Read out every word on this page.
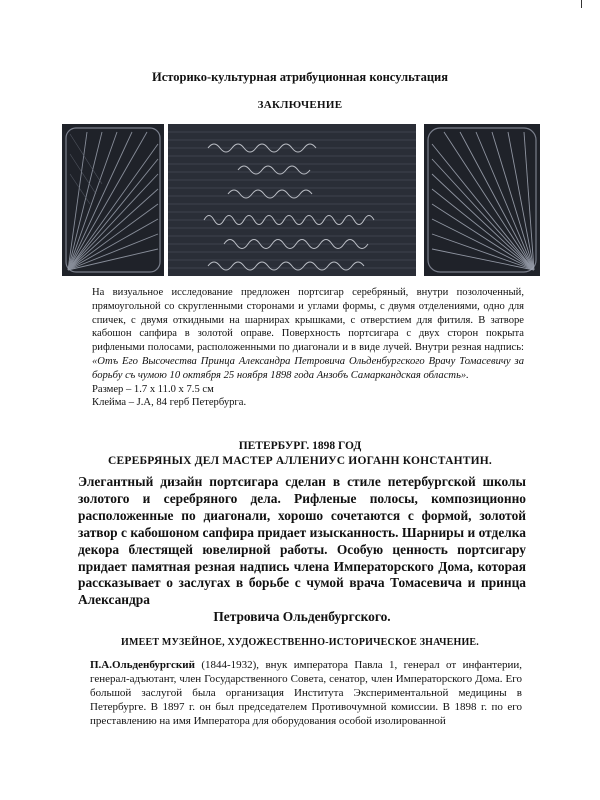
Историко-культурная атрибуционная консультация
ЗАКЛЮЧЕНИЕ

На визуальное исследование предложен портсигар серебряный, внутри позолоченный, прямоугольной со скругленными сторонами и углами формы, с двумя отделениями, одно для спичек, с двумя откидными на шарнирах крышками, с отверстием для фитиля. В затворе кабошон сапфира в золотой оправе. Поверхность портсигара с двух сторон покрыта рифлеными полосами, расположенными по диагонали и в виде лучей. Внутри резная надпись: «Отъ Его Высочества Принца Александра Петровича Ольденбургского Врачу Томасевичу за борьбу съ чумою 10 октября 25 ноября 1898 года Анзобъ Самаркандская область».

Размер – 1.7 х 11.0 х 7.5 см

Клейма – J.A, 84 герб Петербурга.

ПЕТЕРБУРГ. 1898 ГОД
СЕРЕБРЯНЫХ ДЕЛ МАСТЕР АЛЛЕНИУС ИОГАНН КОНСТАНТИН.
Элегантный дизайн портсигара сделан в стиле петербургской школы золотого и серебряного дела. Рифленые полосы, композиционно расположенные по диагонали, хорошо сочетаются с формой, золотой затвор с кабошоном сапфира придает изысканность. Шарниры и отделка декора блестящей ювелирной работы. Особую ценность портсигару придает памятная резная надпись члена Императорского Дома, которая рассказывает о заслугах в борьбе с чумой врача Томасевича и принца Александра
Петровича Ольденбургского.
ИМЕЕТ МУЗЕЙНОЕ, ХУДОЖЕСТВЕННО-ИСТОРИЧЕСКОЕ ЗНАЧЕНИЕ.
П.А.Ольденбургский (1844-1932), внук императора Павла 1, генерал от инфантерии, генерал-адъютант, член Государственного Совета, сенатор, член Императорского Дома. Его большой заслугой была организация Института Экспериментальной медицины в Петербурге. В 1897 г. он был председателем Противочумной комиссии. В 1898 г. по его преставлению на имя Императора для оборудования особой изолированной
